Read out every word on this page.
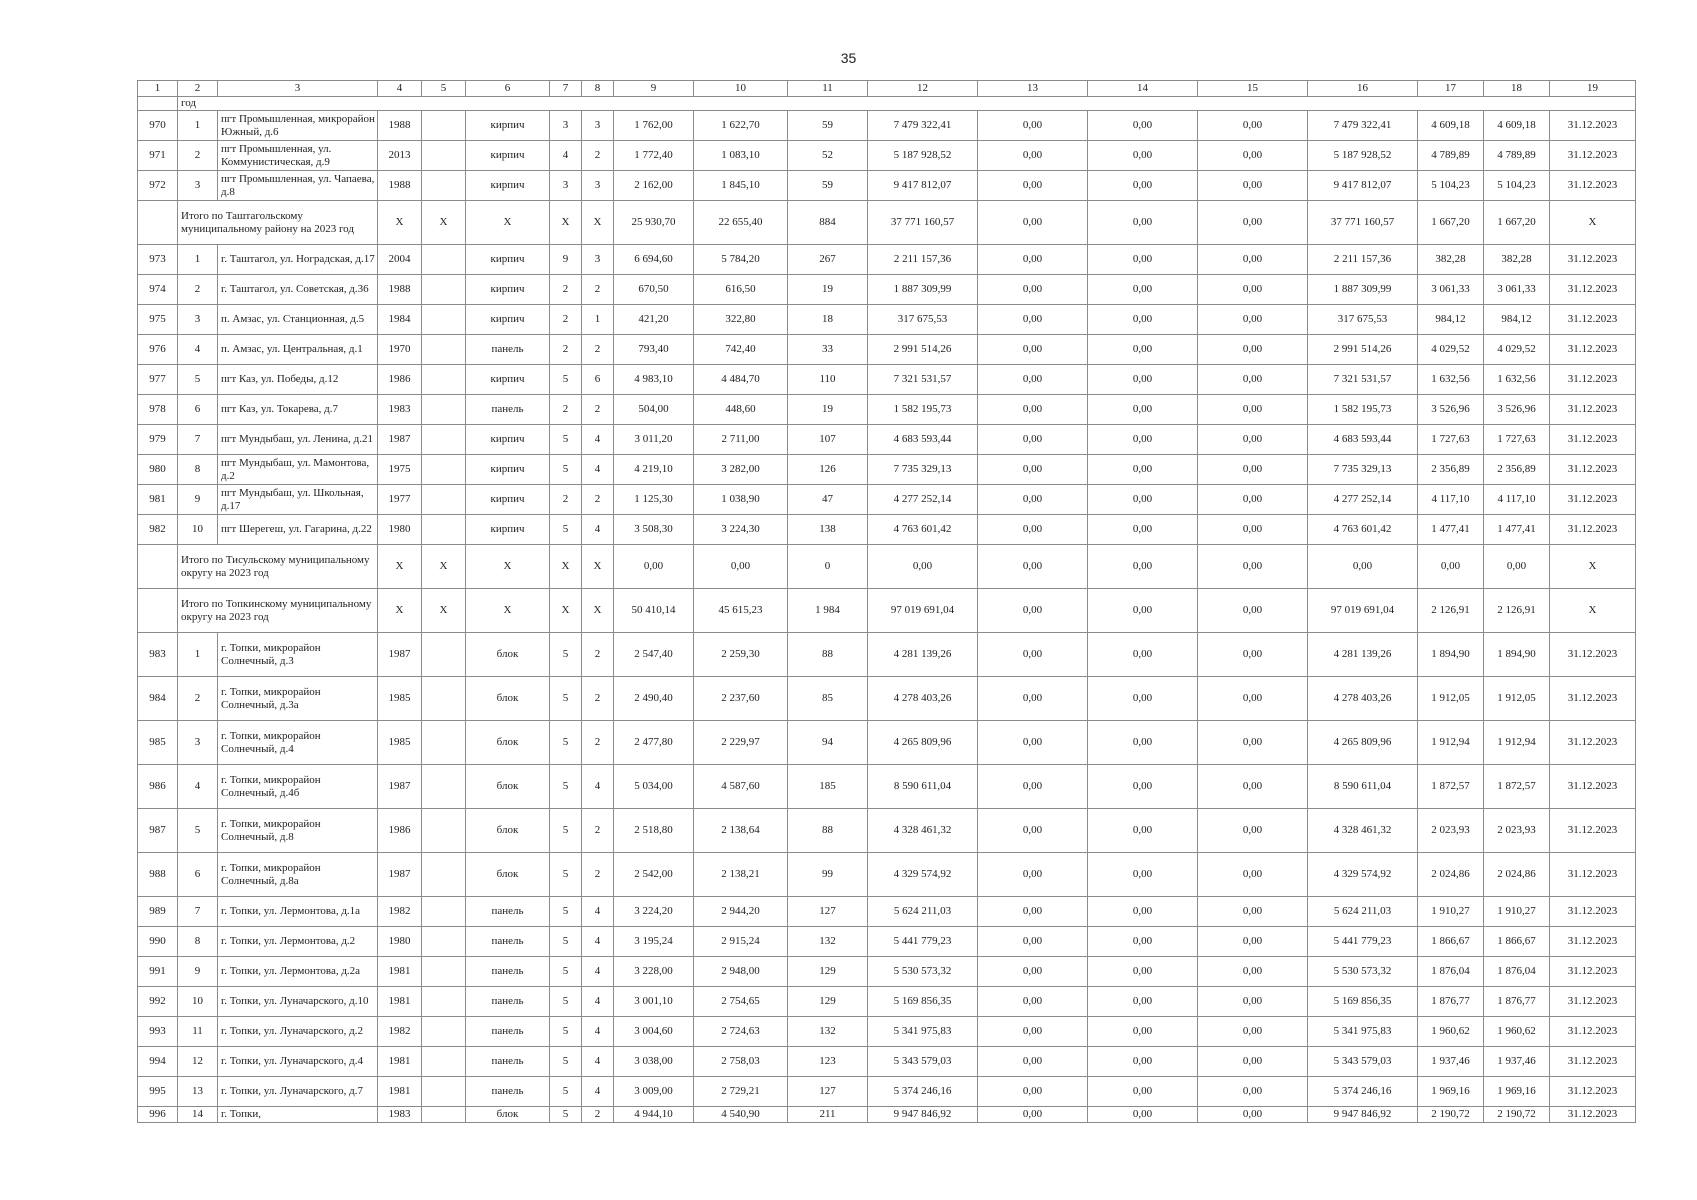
35
1	2	3	4	5	6	7	8	9	10	11	12	13	14	15	16	17	18	19
	год																	
970	1	пгт Промышленная, микрорайон Южный, д.6	1988		кирпич	3	3	1 762,00	1 622,70	59	7 479 322,41	0,00	0,00	0,00	7 479 322,41	4 609,18	4 609,18	31.12.2023
971	2	пгт Промышленная, ул. Коммунистическая, д.9	2013		кирпич	4	2	1 772,40	1 083,10	52	5 187 928,52	0,00	0,00	0,00	5 187 928,52	4 789,89	4 789,89	31.12.2023
972	3	пгт Промышленная, ул. Чапаева, д.8	1988		кирпич	3	3	2 162,00	1 845,10	59	9 417 812,07	0,00	0,00	0,00	9 417 812,07	5 104,23	5 104,23	31.12.2023
	Итого по Таштагольскому муниципальному району на 2023 год		X	X	X	X	X	25 930,70	22 655,40	884	37 771 160,57	0,00	0,00	0,00	37 771 160,57	1 667,20	1 667,20	X
973	1	г. Таштагол, ул. Ноградская, д.17	2004		кирпич	9	3	6 694,60	5 784,20	267	2 211 157,36	0,00	0,00	0,00	2 211 157,36	382,28	382,28	31.12.2023
974	2	г. Таштагол, ул. Советская, д.36	1988		кирпич	2	2	670,50	616,50	19	1 887 309,99	0,00	0,00	0,00	1 887 309,99	3 061,33	3 061,33	31.12.2023
975	3	п. Амзас, ул. Станционная, д.5	1984		кирпич	2	1	421,20	322,80	18	317 675,53	0,00	0,00	0,00	317 675,53	984,12	984,12	31.12.2023
976	4	п. Амзас, ул. Центральная, д.1	1970		панель	2	2	793,40	742,40	33	2 991 514,26	0,00	0,00	0,00	2 991 514,26	4 029,52	4 029,52	31.12.2023
977	5	пгт Каз, ул. Победы, д.12	1986		кирпич	5	6	4 983,10	4 484,70	110	7 321 531,57	0,00	0,00	0,00	7 321 531,57	1 632,56	1 632,56	31.12.2023
978	6	пгт Каз, ул. Токарева, д.7	1983		панель	2	2	504,00	448,60	19	1 582 195,73	0,00	0,00	0,00	1 582 195,73	3 526,96	3 526,96	31.12.2023
979	7	пгт Мундыбаш, ул. Ленина, д.21	1987		кирпич	5	4	3 011,20	2 711,00	107	4 683 593,44	0,00	0,00	0,00	4 683 593,44	1 727,63	1 727,63	31.12.2023
980	8	пгт Мундыбаш, ул. Мамонтова, д.2	1975		кирпич	5	4	4 219,10	3 282,00	126	7 735 329,13	0,00	0,00	0,00	7 735 329,13	2 356,89	2 356,89	31.12.2023
981	9	пгт Мундыбаш, ул. Школьная, д.17	1977		кирпич	2	2	1 125,30	1 038,90	47	4 277 252,14	0,00	0,00	0,00	4 277 252,14	4 117,10	4 117,10	31.12.2023
982	10	пгт Шерегеш, ул. Гагарина, д.22	1980		кирпич	5	4	3 508,30	3 224,30	138	4 763 601,42	0,00	0,00	0,00	4 763 601,42	1 477,41	1 477,41	31.12.2023
	Итого по Тисульскому муниципальному округу на 2023 год		X	X	X	X	X	0,00	0,00	0	0,00	0,00	0,00	0,00	0,00	0,00	0,00	X
	Итого по Топкинскому муниципальному округу на 2023 год		X	X	X	X	X	50 410,14	45 615,23	1 984	97 019 691,04	0,00	0,00	0,00	97 019 691,04	2 126,91	2 126,91	X
983	1	г. Топки, микрорайон Солнечный, д.3	1987		блок	5	2	2 547,40	2 259,30	88	4 281 139,26	0,00	0,00	0,00	4 281 139,26	1 894,90	1 894,90	31.12.2023
984	2	г. Топки, микрорайон Солнечный, д.3а	1985		блок	5	2	2 490,40	2 237,60	85	4 278 403,26	0,00	0,00	0,00	4 278 403,26	1 912,05	1 912,05	31.12.2023
985	3	г. Топки, микрорайон Солнечный, д.4	1985		блок	5	2	2 477,80	2 229,97	94	4 265 809,96	0,00	0,00	0,00	4 265 809,96	1 912,94	1 912,94	31.12.2023
986	4	г. Топки, микрорайон Солнечный, д.4б	1987		блок	5	4	5 034,00	4 587,60	185	8 590 611,04	0,00	0,00	0,00	8 590 611,04	1 872,57	1 872,57	31.12.2023
987	5	г. Топки, микрорайон Солнечный, д.8	1986		блок	5	2	2 518,80	2 138,64	88	4 328 461,32	0,00	0,00	0,00	4 328 461,32	2 023,93	2 023,93	31.12.2023
988	6	г. Топки, микрорайон Солнечный, д.8а	1987		блок	5	2	2 542,00	2 138,21	99	4 329 574,92	0,00	0,00	0,00	4 329 574,92	2 024,86	2 024,86	31.12.2023
989	7	г. Топки, ул. Лермонтова, д.1а	1982		панель	5	4	3 224,20	2 944,20	127	5 624 211,03	0,00	0,00	0,00	5 624 211,03	1 910,27	1 910,27	31.12.2023
990	8	г. Топки, ул. Лермонтова, д.2	1980		панель	5	4	3 195,24	2 915,24	132	5 441 779,23	0,00	0,00	0,00	5 441 779,23	1 866,67	1 866,67	31.12.2023
991	9	г. Топки, ул. Лермонтова, д.2а	1981		панель	5	4	3 228,00	2 948,00	129	5 530 573,32	0,00	0,00	0,00	5 530 573,32	1 876,04	1 876,04	31.12.2023
992	10	г. Топки, ул. Луначарского, д.10	1981		панель	5	4	3 001,10	2 754,65	129	5 169 856,35	0,00	0,00	0,00	5 169 856,35	1 876,77	1 876,77	31.12.2023
993	11	г. Топки, ул. Луначарского, д.2	1982		панель	5	4	3 004,60	2 724,63	132	5 341 975,83	0,00	0,00	0,00	5 341 975,83	1 960,62	1 960,62	31.12.2023
994	12	г. Топки, ул. Луначарского, д.4	1981		панель	5	4	3 038,00	2 758,03	123	5 343 579,03	0,00	0,00	0,00	5 343 579,03	1 937,46	1 937,46	31.12.2023
995	13	г. Топки, ул. Луначарского, д.7	1981		панель	5	4	3 009,00	2 729,21	127	5 374 246,16	0,00	0,00	0,00	5 374 246,16	1 969,16	1 969,16	31.12.2023
996	14	г. Топки,	1983		блок	5	2	4 944,10	4 540,90	211	9 947 846,92	0,00	0,00	0,00	9 947 846,92	2 190,72	2 190,72	31.12.2023
